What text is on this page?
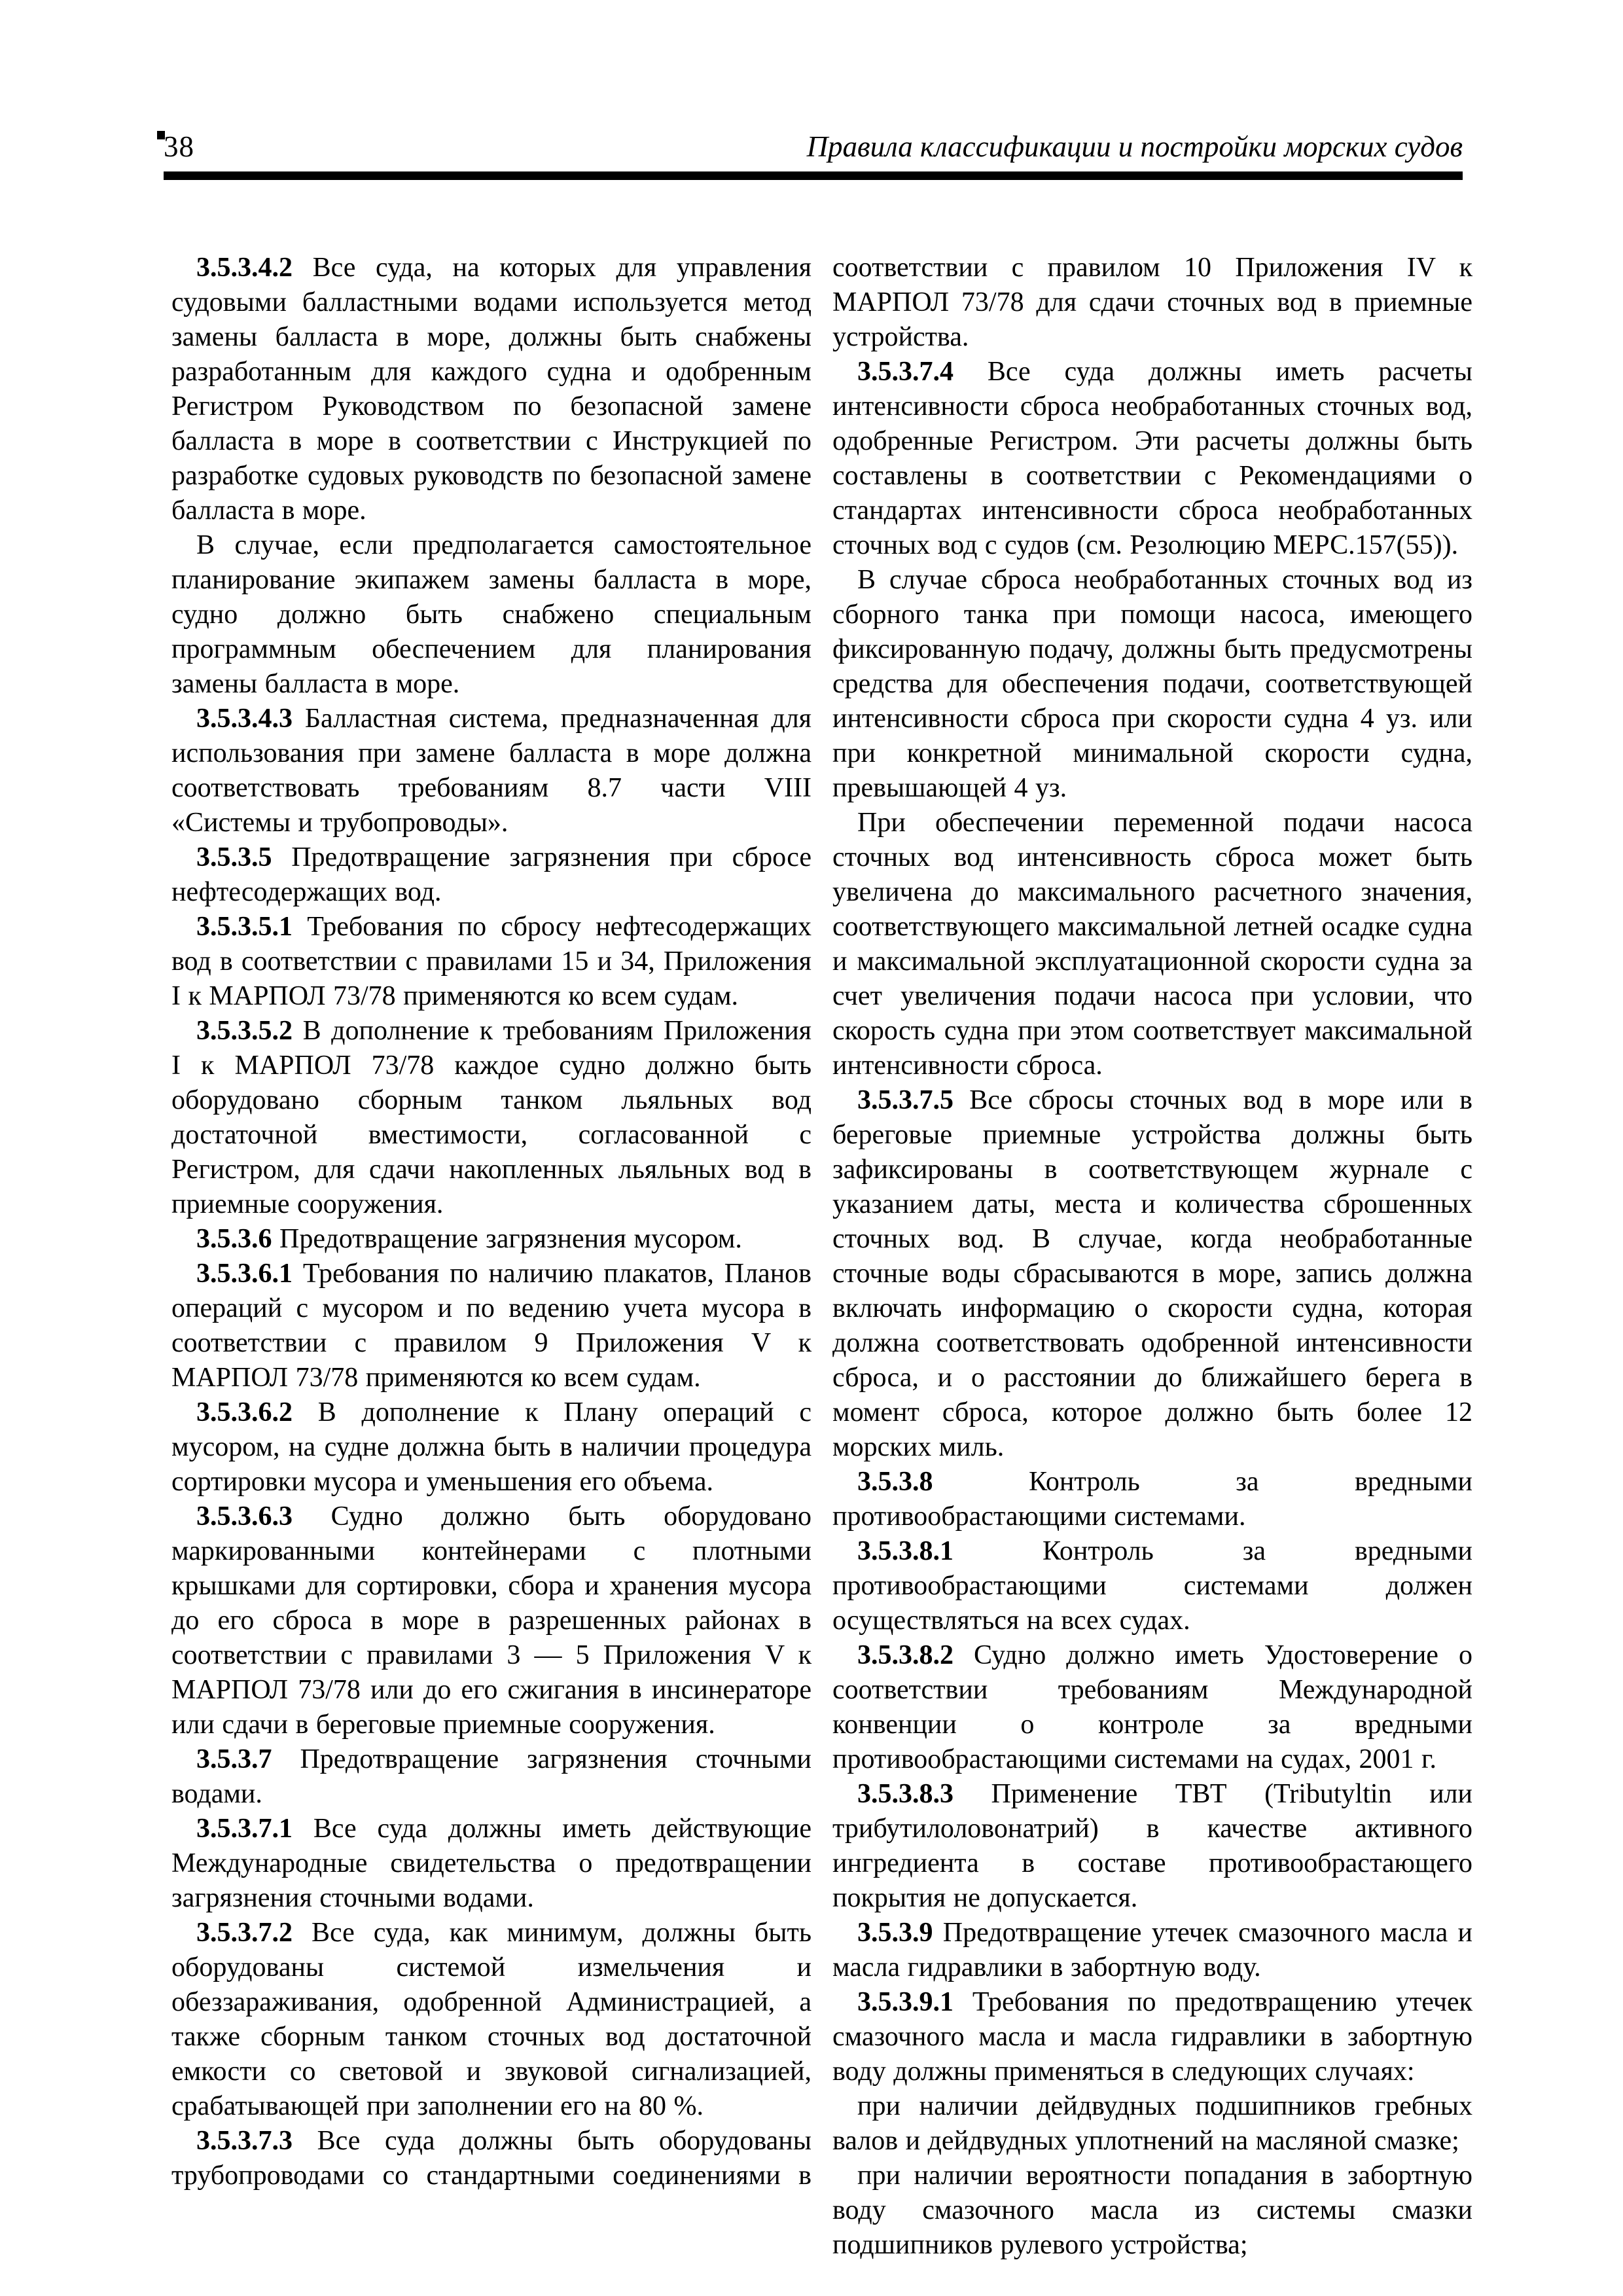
38	Правила классификации и постройки морских судов

3.5.3.4.2 Все суда, на которых для управления судовыми балластными водами используется метод замены балласта в море, должны быть снабжены разработанным для каждого судна и одобренным Регистром Руководством по безопасной замене балласта в море в соответствии с Инструкцией по разработке судовых руководств по безопасной замене балласта в море.

В случае, если предполагается самостоятельное планирование экипажем замены балласта в море, судно должно быть снабжено специальным программным обеспечением для планирования замены балласта в море.

3.5.3.4.3 Балластная система, предназначенная для использования при замене балласта в море должна соответствовать требованиям 8.7 части VIII «Системы и трубопроводы».

3.5.3.5 Предотвращение загрязнения при сбросе нефтесодержащих вод.

3.5.3.5.1 Требования по сбросу нефтесодержащих вод в соответствии с правилами 15 и 34, Приложения I к МАРПОЛ 73/78 применяются ко всем судам.

3.5.3.5.2 В дополнение к требованиям Приложения I к МАРПОЛ 73/78 каждое судно должно быть оборудовано сборным танком льяльных вод достаточной вместимости, согласованной с Регистром, для сдачи накопленных льяльных вод в приемные сооружения.

3.5.3.6 Предотвращение загрязнения мусором.

3.5.3.6.1 Требования по наличию плакатов, Планов операций с мусором и по ведению учета мусора в соответствии с правилом 9 Приложения V к МАРПОЛ 73/78 применяются ко всем судам.

3.5.3.6.2 В дополнение к Плану операций с мусором, на судне должна быть в наличии процедура сортировки мусора и уменьшения его объема.

3.5.3.6.3 Судно должно быть оборудовано маркированными контейнерами с плотными крышками для сортировки, сбора и хранения мусора до его сброса в море в разрешенных районах в соответствии с правилами 3 — 5 Приложения V к МАРПОЛ 73/78 или до его сжигания в инсинераторе или сдачи в береговые приемные сооружения.

3.5.3.7 Предотвращение загрязнения сточными водами.

3.5.3.7.1 Все суда должны иметь действующие Международные свидетельства о предотвращении загрязнения сточными водами.

3.5.3.7.2 Все суда, как минимум, должны быть оборудованы системой измельчения и обеззараживания, одобренной Администрацией, а также сборным танком сточных вод достаточной емкости со световой и звуковой сигнализацией, срабатывающей при заполнении его на 80 %.

3.5.3.7.3 Все суда должны быть оборудованы трубопроводами со стандартными соединениями в

соответствии с правилом 10 Приложения IV к МАРПОЛ 73/78 для сдачи сточных вод в приемные устройства.

3.5.3.7.4 Все суда должны иметь расчеты интенсивности сброса необработанных сточных вод, одобренные Регистром. Эти расчеты должны быть составлены в соответствии с Рекомендациями о стандартах интенсивности сброса необработанных сточных вод с судов (см. Резолюцию МЕРС.157(55)).

В случае сброса необработанных сточных вод из сборного танка при помощи насоса, имеющего фиксированную подачу, должны быть предусмотрены средства для обеспечения подачи, соответствующей интенсивности сброса при скорости судна 4 уз. или при конкретной минимальной скорости судна, превышающей 4 уз.

При обеспечении переменной подачи насоса сточных вод интенсивность сброса может быть увеличена до максимального расчетного значения, соответствующего максимальной летней осадке судна и максимальной эксплуатационной скорости судна за счет увеличения подачи насоса при условии, что скорость судна при этом соответствует максимальной интенсивности сброса.

3.5.3.7.5 Все сбросы сточных вод в море или в береговые приемные устройства должны быть зафиксированы в соответствующем журнале с указанием даты, места и количества сброшенных сточных вод. В случае, когда необработанные сточные воды сбрасываются в море, запись должна включать информацию о скорости судна, которая должна соответствовать одобренной интенсивности сброса, и о расстоянии до ближайшего берега в момент сброса, которое должно быть более 12 морских миль.

3.5.3.8 Контроль за вредными противообрастающими системами.

3.5.3.8.1 Контроль за вредными противообрастающими системами должен осуществляться на всех судах.

3.5.3.8.2 Судно должно иметь Удостоверение о соответствии требованиям Международной конвенции о контроле за вредными противообрастающими системами на судах, 2001 г.

3.5.3.8.3 Применение ТВТ (Tributyltin или трибутилоловонатрий) в качестве активного ингредиента в составе противообрастающего покрытия не допускается.

3.5.3.9 Предотвращение утечек смазочного масла и масла гидравлики в забортную воду.

3.5.3.9.1 Требования по предотвращению утечек смазочного масла и масла гидравлики в забортную воду должны применяться в следующих случаях:

при наличии дейдвудных подшипников гребных валов и дейдвудных уплотнений на масляной смазке;

при наличии вероятности попадания в забортную воду смазочного масла из системы смазки подшипников рулевого устройства;
